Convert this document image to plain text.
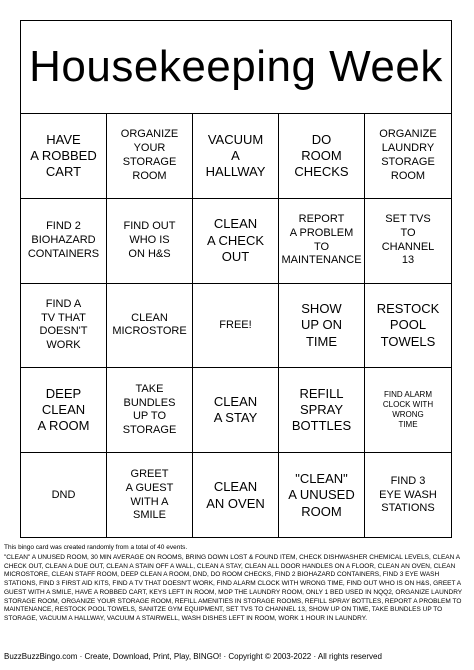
Housekeeping Week
HAVE
A ROBBED
CART
ORGANIZE
YOUR
STORAGE
ROOM
VACUUM
A
HALLWAY
DO
ROOM
CHECKS
ORGANIZE
LAUNDRY
STORAGE
ROOM
FIND 2
BIOHAZARD
CONTAINERS
FIND OUT
WHO IS
ON H&S
CLEAN
A CHECK
OUT
REPORT
A PROBLEM
TO
MAINTENANCE
SET TVS
TO
CHANNEL
13
FIND A
TV THAT
DOESN'T
WORK
CLEAN
MICROSTORE
FREE!
SHOW
UP ON
TIME
RESTOCK
POOL
TOWELS
DEEP
CLEAN
A ROOM
TAKE
BUNDLES
UP TO
STORAGE
CLEAN
A STAY
REFILL
SPRAY
BOTTLES
FIND ALARM
CLOCK WITH
WRONG
TIME
DND
GREET
A GUEST
WITH A
SMILE
CLEAN
AN OVEN
"CLEAN"
A UNUSED
ROOM
FIND 3
EYE WASH
STATIONS
This bingo card was created randomly from a total of 40 events.
"CLEAN" A UNUSED ROOM, 30 MIN AVERAGE ON ROOMS, BRING DOWN LOST & FOUND ITEM, CHECK DISHWASHER CHEMICAL LEVELS, CLEAN A CHECK OUT, CLEAN A DUE OUT, CLEAN A STAIN OFF A WALL, CLEAN A STAY, CLEAN ALL DOOR HANDLES ON A FLOOR, CLEAN AN OVEN, CLEAN MICROSTORE, CLEAN STAFF ROOM, DEEP CLEAN A ROOM, DND, DO ROOM CHECKS, FIND 2 BIOHAZARD CONTAINERS, FIND 3 EYE WASH STATIONS, FIND 3 FIRST AID KITS, FIND A TV THAT DOESN'T WORK, FIND ALARM CLOCK WITH WRONG TIME, FIND OUT WHO IS ON H&S, GREET A GUEST WITH A SMILE, HAVE A ROBBED CART, KEYS LEFT IN ROOM, MOP THE LAUNDRY ROOM, ONLY 1 BED USED IN NQQ2, ORGANIZE LAUNDRY STORAGE ROOM, ORGANIZE YOUR STORAGE ROOM, REFILL AMENITIES IN STORAGE ROOMS, REFILL SPRAY BOTTLES, REPORT A PROBLEM TO MAINTENANCE, RESTOCK POOL TOWELS, SANITZE GYM EQUIPMENT, SET TVS TO CHANNEL 13, SHOW UP ON TIME, TAKE BUNDLES UP TO STORAGE, VACUUM A HALLWAY, VACUUM A STAIRWELL, WASH DISHES LEFT IN ROOM, WORK 1 HOUR IN LAUNDRY.
BuzzBuzzBingo.com · Create, Download, Print, Play, BINGO! · Copyright © 2003-2022 · All rights reserved
